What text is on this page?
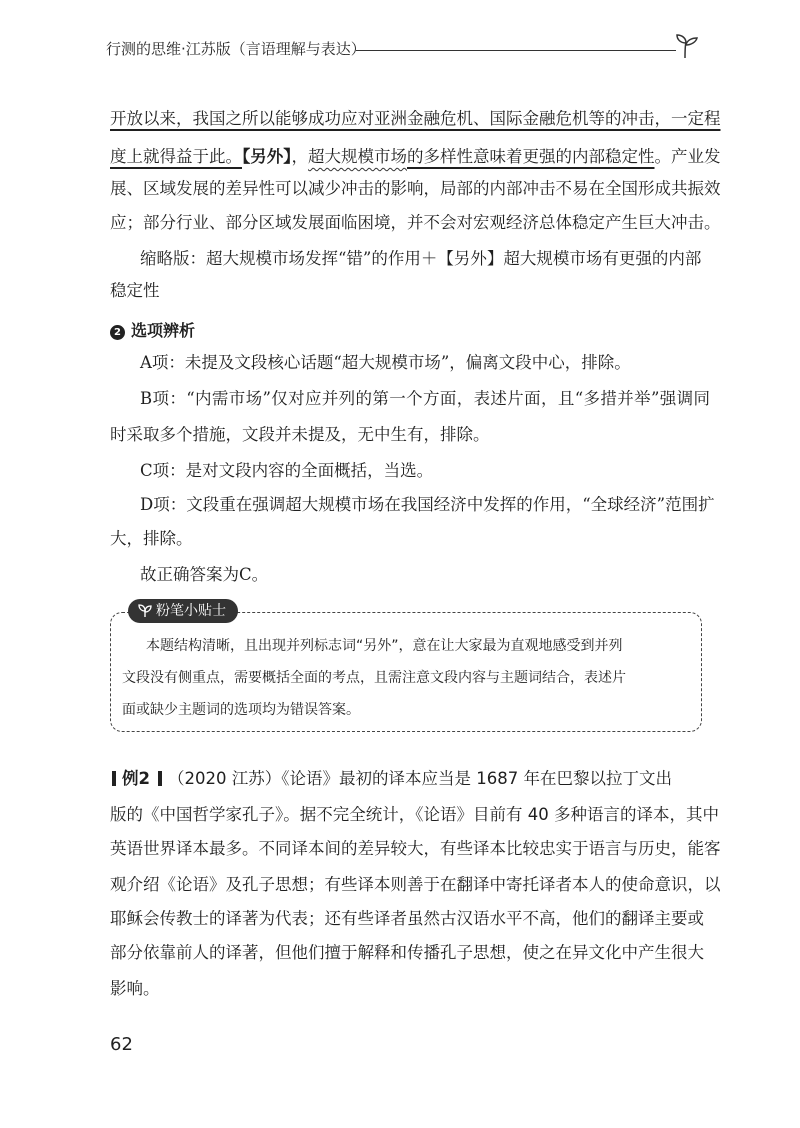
行测的思维·江苏版（言语理解与表达）
开放以来，我国之所以能够成功应对亚洲金融危机、国际金融危机等的冲击，一定程
度上就得益于此。【另外】，超大规模市场的多样性意味着更强的内部稳定性。产业发
展、区域发展的差异性可以减少冲击的影响，局部的内部冲击不易在全国形成共振效
应；部分行业、部分区域发展面临困境，并不会对宏观经济总体稳定产生巨大冲击。
缩略版：超大规模市场发挥“错”的作用＋【另外】超大规模市场有更强的内部
稳定性
2 选项辨析
A项：未提及文段核心话题“超大规模市场”，偏离文段中心，排除。
B项：“内需市场”仅对应并列的第一个方面，表述片面，且“多措并举”强调同
时采取多个措施，文段并未提及，无中生有，排除。
C项：是对文段内容的全面概括，当选。
D项：文段重在强调超大规模市场在我国经济中发挥的作用，“全球经济”范围扩
大，排除。
故正确答案为C。
粉笔小贴士
本题结构清晰，且出现并列标志词“另外”，意在让大家最为直观地感受到并列
文段没有侧重点，需要概括全面的考点，且需注意文段内容与主题词结合，表述片
面或缺少主题词的选项均为错误答案。
例2 （2020 江苏）《论语》最初的译本应当是 1687 年在巴黎以拉丁文出
版的《中国哲学家孔子》。据不完全统计，《论语》目前有 40 多种语言的译本，其中
英语世界译本最多。不同译本间的差异较大，有些译本比较忠实于语言与历史，能客
观介绍《论语》及孔子思想；有些译本则善于在翻译中寄托译者本人的使命意识，以
耶稣会传教士的译著为代表；还有些译者虽然古汉语水平不高，他们的翻译主要或
部分依靠前人的译著，但他们擅于解释和传播孔子思想，使之在异文化中产生很大
影响。
62
